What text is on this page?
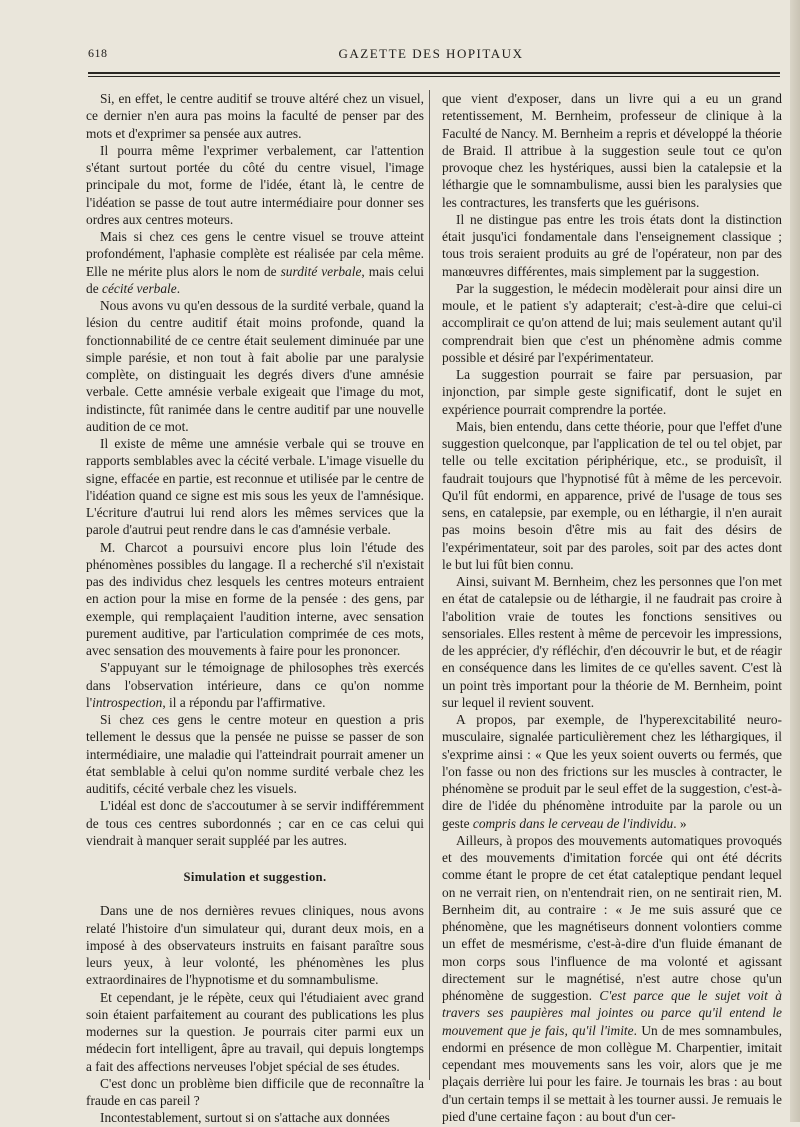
618	GAZETTE DES HOPITAUX

Si, en effet, le centre auditif se trouve altéré chez un visuel, ce dernier n'en aura pas moins la faculté de penser par des mots et d'exprimer sa pensée aux autres.

Il pourra même l'exprimer verbalement, car l'attention s'étant surtout portée du côté du centre visuel, l'image principale du mot, forme de l'idée, étant là, le centre de l'idéation se passe de tout autre intermédiaire pour donner ses ordres aux centres moteurs.

Mais si chez ces gens le centre visuel se trouve atteint profondément, l'aphasie complète est réalisée par cela même. Elle ne mérite plus alors le nom de surdité verbale, mais celui de cécité verbale.

Nous avons vu qu'en dessous de la surdité verbale, quand la lésion du centre auditif était moins profonde, quand la fonctionnabilité de ce centre était seulement diminuée par une simple parésie, et non tout à fait abolie par une paralysie complète, on distinguait les degrés divers d'une amnésie verbale. Cette amnésie verbale exigeait que l'image du mot, indistincte, fût ranimée dans le centre auditif par une nouvelle audition de ce mot.

Il existe de même une amnésie verbale qui se trouve en rapports semblables avec la cécité verbale. L'image visuelle du signe, effacée en partie, est reconnue et utilisée par le centre de l'idéation quand ce signe est mis sous les yeux de l'amnésique. L'écriture d'autrui lui rend alors les mêmes services que la parole d'autrui peut rendre dans le cas d'amnésie verbale.

M. Charcot a poursuivi encore plus loin l'étude des phénomènes possibles du langage. Il a recherché s'il n'existait pas des individus chez lesquels les centres moteurs entraient en action pour la mise en forme de la pensée : des gens, par exemple, qui remplaçaient l'audition interne, avec sensation purement auditive, par l'articulation comprimée de ces mots, avec sensation des mouvements à faire pour les prononcer.

S'appuyant sur le témoignage de philosophes très exercés dans l'observation intérieure, dans ce qu'on nomme l'introspection, il a répondu par l'affirmative.

Si chez ces gens le centre moteur en question a pris tellement le dessus que la pensée ne puisse se passer de son intermédiaire, une maladie qui l'atteindrait pourrait amener un état semblable à celui qu'on nomme surdité verbale chez les auditifs, cécité verbale chez les visuels.

L'idéal est donc de s'accoutumer à se servir indifféremment de tous ces centres subordonnés ; car en ce cas celui qui viendrait à manquer serait suppléé par les autres.

Simulation et suggestion.

Dans une de nos dernières revues cliniques, nous avons relaté l'histoire d'un simulateur qui, durant deux mois, en a imposé à des observateurs instruits en faisant paraître sous leurs yeux, à leur volonté, les phénomènes les plus extraordinaires de l'hypnotisme et du somnambulisme.

Et cependant, je le répète, ceux qui l'étudiaient avec grand soin étaient parfaitement au courant des publications les plus modernes sur la question. Je pourrais citer parmi eux un médecin fort intelligent, âpre au travail, qui depuis longtemps a fait des affections nerveuses l'objet spécial de ses études.

C'est donc un problème bien difficile que de reconnaître la fraude en cas pareil ?

Incontestablement, surtout si on s'attache aux données

que vient d'exposer, dans un livre qui a eu un grand retentissement, M. Bernheim, professeur de clinique à la Faculté de Nancy. M. Bernheim a repris et développé la théorie de Braid. Il attribue à la suggestion seule tout ce qu'on provoque chez les hystériques, aussi bien la catalepsie et la léthargie que le somnambulisme, aussi bien les paralysies que les contractures, les transferts que les guérisons.

Il ne distingue pas entre les trois états dont la distinction était jusqu'ici fondamentale dans l'enseignement classique ; tous trois seraient produits au gré de l'opérateur, non par des manœuvres différentes, mais simplement par la suggestion.

Par la suggestion, le médecin modèlerait pour ainsi dire un moule, et le patient s'y adapterait; c'est-à-dire que celui-ci accomplirait ce qu'on attend de lui; mais seulement autant qu'il comprendrait bien que c'est un phénomène admis comme possible et désiré par l'expérimentateur.

La suggestion pourrait se faire par persuasion, par injonction, par simple geste significatif, dont le sujet en expérience pourrait comprendre la portée.

Mais, bien entendu, dans cette théorie, pour que l'effet d'une suggestion quelconque, par l'application de tel ou tel objet, par telle ou telle excitation périphérique, etc., se produisît, il faudrait toujours que l'hypnotisé fût à même de les percevoir. Qu'il fût endormi, en apparence, privé de l'usage de tous ses sens, en catalepsie, par exemple, ou en léthargie, il n'en aurait pas moins besoin d'être mis au fait des désirs de l'expérimentateur, soit par des paroles, soit par des actes dont le but lui fût bien connu.

Ainsi, suivant M. Bernheim, chez les personnes que l'on met en état de catalepsie ou de léthargie, il ne faudrait pas croire à l'abolition vraie de toutes les fonctions sensitives ou sensoriales. Elles restent à même de percevoir les impressions, de les apprécier, d'y réfléchir, d'en découvrir le but, et de réagir en conséquence dans les limites de ce qu'elles savent. C'est là un point très important pour la théorie de M. Bernheim, point sur lequel il revient souvent.

A propos, par exemple, de l'hyperexcitabilité neuro-musculaire, signalée particulièrement chez les léthargiques, il s'exprime ainsi : « Que les yeux soient ouverts ou fermés, que l'on fasse ou non des frictions sur les muscles à contracter, le phénomène se produit par le seul effet de la suggestion, c'est-à-dire de l'idée du phénomène introduite par la parole ou un geste compris dans le cerveau de l'individu. »

Ailleurs, à propos des mouvements automatiques provoqués et des mouvements d'imitation forcée qui ont été décrits comme étant le propre de cet état cataleptique pendant lequel on ne verrait rien, on n'entendrait rien, on ne sentirait rien, M. Bernheim dit, au contraire : « Je me suis assuré que ce phénomène, que les magnétiseurs donnent volontiers comme un effet de mesmérisme, c'est-à-dire d'un fluide émanant de mon corps sous l'influence de ma volonté et agissant directement sur le magnétisé, n'est autre chose qu'un phénomène de suggestion. C'est parce que le sujet voit à travers ses paupières mal jointes ou parce qu'il entend le mouvement que je fais, qu'il l'imite. Un de mes somnambules, endormi en présence de mon collègue M. Charpentier, imitait cependant mes mouvements sans les voir, alors que je me plaçais derrière lui pour les faire. Je tournais les bras : au bout d'un certain temps il se mettait à les tourner aussi. Je remuais le pied d'une certaine façon : au bout d'un cer-
